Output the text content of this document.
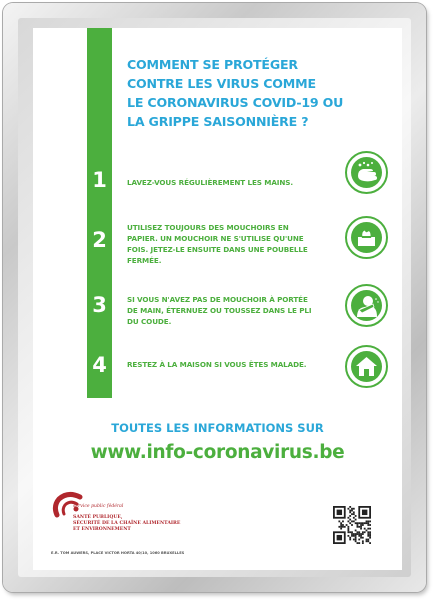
COMMENT SE PROTÉGER
CONTRE LES VIRUS COMME
LE CORONAVIRUS COVID-19 OU
LA GRIPPE SAISONNIÈRE ?
1	LAVEZ-VOUS RÉGULIÈREMENT LES MAINS.
2
UTILISEZ TOUJOURS DES MOUCHOIRS EN
PAPIER. UN MOUCHOIR NE S'UTILISE QU'UNE
FOIS. JETEZ-LE ENSUITE DANS UNE POUBELLE
FERMÉE.
3	SI VOUS N'AVEZ PAS DE MOUCHOIR À PORTÉE
DE MAIN, ÉTERNUEZ OU TOUSSEZ DANS LE PLI
DU COUDE.
4	RESTEZ À LA MAISON SI VOUS ÊTES MALADE.
TOUTES LES INFORMATIONS SUR
www.info-coronavirus.be
service public fédéral
SANTÉ PUBLIQUE,
SÉCURITÉ DE LA CHAÎNE ALIMENTAIRE
ET ENVIRONNEMENT
E.R. TOM AUWERS, PLACE VICTOR HORTA 40/10, 1060 BRUXELLES
